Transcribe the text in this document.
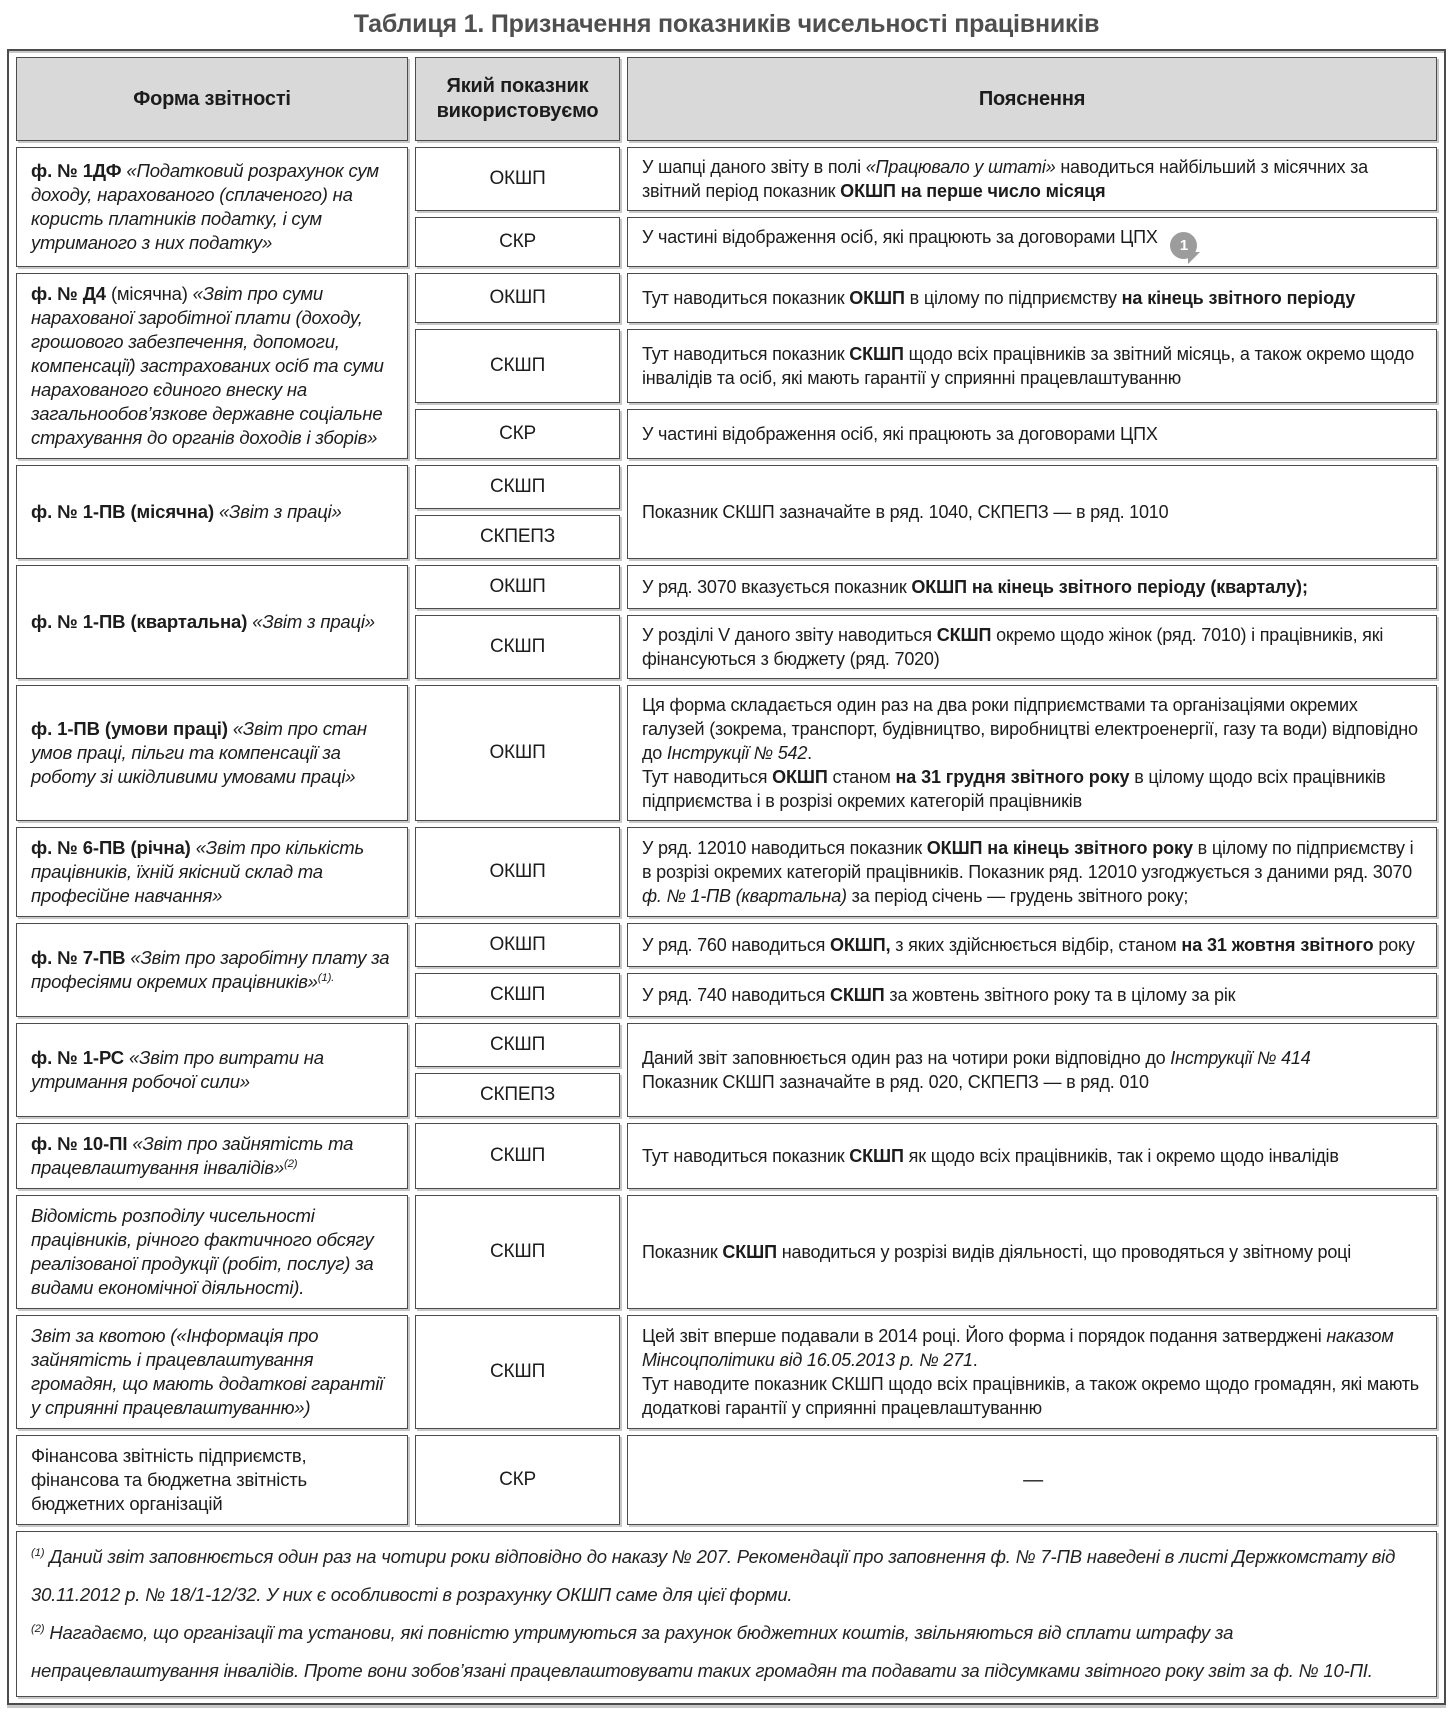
Таблиця 1. Призначення показників чисельності працівників
Форма звітності	Який показник використовуємо	Пояснення
ф. № 1ДФ «Податковий розрахунок сум доходу, нарахованого (сплаченого) на користь платників податку, і сум утриманого з них податку»	ОКШП	У шапці даного звіту в полі «Працювало у штаті» наводиться найбільший з місячних за звітний період показник ОКШП на перше число місяця
	СКР	У частині відображення осіб, які працюють за договорами ЦПХ 1
ф. № Д4 (місячна) «Звіт про суми нарахованої заробітної плати (доходу, грошового забезпечення, допомоги, компенсації) застрахованих осіб та суми нарахованого єдиного внеску на загальнообов’язкове державне соціальне страхування до органів доходів і зборів»	ОКШП	Тут наводиться показник ОКШП в цілому по підприємству на кінець звітного періоду
	СКШП	Тут наводиться показник СКШП щодо всіх працівників за звітний місяць, а також окремо щодо інвалідів та осіб, які мають гарантії у сприянні працевлаштуванню
	СКР	У частині відображення осіб, які працюють за договорами ЦПХ
ф. № 1-ПВ (місячна) «Звіт з праці»	СКШП	Показник СКШП зазначайте в ряд. 1040, СКПЕПЗ — в ряд. 1010
	СКПЕПЗ	
ф. № 1-ПВ (квартальна) «Звіт з праці»	ОКШП	У ряд. 3070 вказується показник ОКШП на кінець звітного періоду (кварталу);
	СКШП	У розділі V даного звіту наводиться СКШП окремо щодо жінок (ряд. 7010) і працівників, які фінансуються з бюджету (ряд. 7020)
ф. 1-ПВ (умови праці) «Звіт про стан умов праці, пільги та компенсації за роботу зі шкідливими умовами праці»	ОКШП	Ця форма складається один раз на два роки підприємствами та організаціями окремих галузей (зокрема, транспорт, будівництво, виробництві електроенергії, газу та води) відповідно до Інструкції № 542.
Тут наводиться ОКШП станом на 31 грудня звітного року в цілому щодо всіх працівників підприємства і в розрізі окремих категорій працівників
ф. № 6-ПВ (річна) «Звіт про кількість працівників, їхній якісний склад та професійне навчання»	ОКШП	У ряд. 12010 наводиться показник ОКШП на кінець звітного року в цілому по підприємству і в розрізі окремих категорій працівників. Показник ряд. 12010 узгоджується з даними ряд. 3070 ф. № 1-ПВ (квартальна) за період січень — грудень звітного року;
ф. № 7-ПВ «Звіт про заробітну плату за професіями окремих працівників»$^{(1).}$	ОКШП	У ряд. 760 наводиться ОКШП, з яких здійснюється відбір, станом на 31 жовтня звітного року
	СКШП	У ряд. 740 наводиться СКШП за жовтень звітного року та в цілому за рік
ф. № 1-РС «Звіт про витрати на утримання робочої сили»	СКШП	Даний звіт заповнюється один раз на чотири роки відповідно до Інструкції № 414
Показник СКШП зазначайте в ряд. 020, СКПЕПЗ — в ряд. 010
	СКПЕПЗ	
ф. № 10-ПІ «Звіт про зайнятість та працевлаштування інвалідів»$^{(2)}$	СКШП	Тут наводиться показник СКШП як щодо всіх працівників, так і окремо щодо інвалідів
Відомість розподілу чисельності працівників, річного фактичного обсягу реалізованої продукції (робіт, послуг) за видами економічної діяльності).	СКШП	Показник СКШП наводиться у розрізі видів діяльності, що проводяться у звітному році
Звіт за квотою («Інформація про зайнятість і працевлаштування громадян, що мають додаткові гарантії у сприянні працевлаштуванню»)	СКШП	Цей звіт вперше подавали в 2014 році. Його форма і порядок подання затверджені наказом Мінсоцполітики від 16.05.2013 р. № 271.
Тут наводите показник СКШП щодо всіх працівників, а також окремо щодо громадян, які мають додаткові гарантії у сприянні працевлаштуванню
Фінансова звітність підприємств, фінансова та бюджетна звітність бюджетних організацій	СКР	—

$^{(1)}$ Даний звіт заповнюється один раз на чотири роки відповідно до наказу № 207. Рекомендації про заповнення ф. № 7-ПВ наведені в листі Держкомстату від 30.11.2012 р. № 18/1-12/32. У них є особливості в розрахунку ОКШП саме для цієї форми.

$^{(2)}$ Нагадаємо, що організації та установи, які повністю утримуються за рахунок бюджетних коштів, звільняються від сплати штрафу за непрацевлаштування інвалідів. Проте вони зобов’язані працевлаштовувати таких громадян та подавати за підсумками звітного року звіт за ф. № 10-ПІ.		
